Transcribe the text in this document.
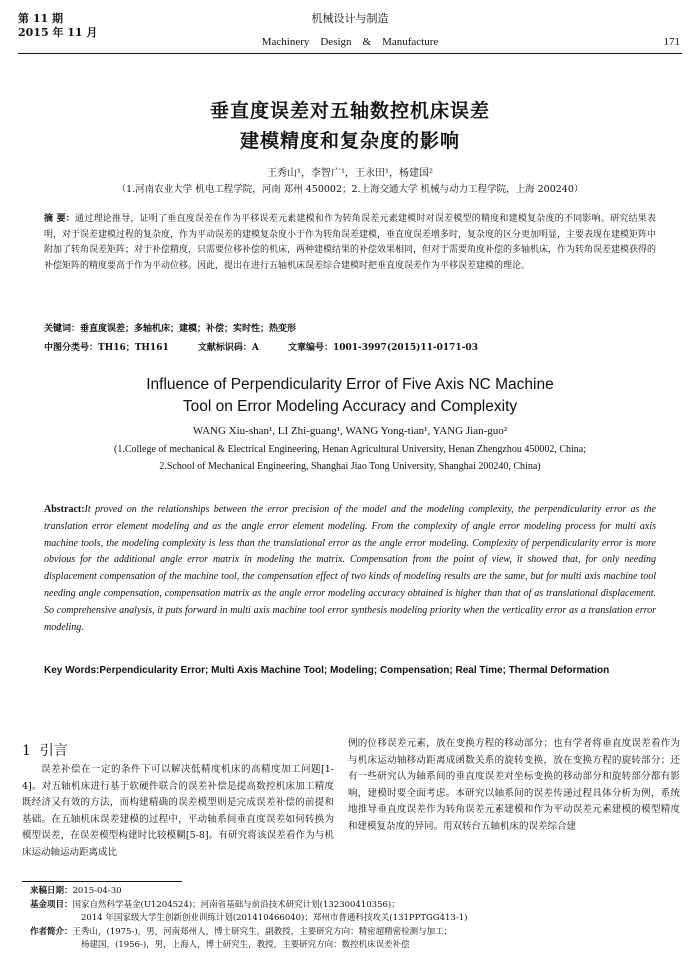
第 11 期
2015 年 11 月
机械设计与制造
Machinery    Design    &    Manufacture	171
垂直度误差对五轴数控机床误差
建模精度和复杂度的影响
王秀山¹，李智广¹，王永田¹，杨建国²
（1.河南农业大学 机电工程学院，河南 郑州 450002；2.上海交通大学 机械与动力工程学院，上海 200240）
摘 要：通过理论推导，证明了垂直度误差在作为平移误差元素建模和作为转角误差元素建模时对误差模型的精度和建模复杂度的不同影响。研究结果表明，对于误差建模过程的复杂度，作为平动误差的建模复杂度小于作为转角误差建模，垂直度误差增多时，复杂度的区分更加明显，主要表现在建模矩阵中附加了转角误差矩阵；对于补偿精度，只需要位移补偿的机床，两种建模结果的补偿效果相同，但对于需要角度补偿的多轴机床，作为转角误差建模获得的补偿矩阵的精度要高于作为平动位移。因此，提出在进行五轴机床误差综合建模时把垂直度误差作为平移误差建模的理论。
关键词：垂直度误差；多轴机床；建模；补偿；实时性；热变形
中图分类号：TH16；TH161	文献标识码：A	文章编号：1001-3997(2015)11-0171-03
Influence of Perpendicularity Error of Five Axis NC Machine
Tool on Error Modeling Accuracy and Complexity
WANG Xiu-shan¹, LI Zhi-guang¹, WANG Yong-tian¹, YANG Jian-guo²
(1.College of mechanical & Electrical Engineering, Henan Agricultural University, Henan Zhengzhou 450002, China;
2.School of Mechanical Engineering, Shanghai Jiao Tong University, Shanghai 200240, China)
Abstract:It proved on the relationships between the error precision of the model and the modeling complexity, the perpendicularity error as the translation error element modeling and as the angle error element modeling. From the complexity of angle error modeling process for multi axis machine tools, the modeling complexity is less than the translational error as the angle error modeling. Complexity of perpendicularity error is more obvious for the additional angle error matrix in modeling the matrix. Compensation from the point of view, it showed that, for only needing displacement compensation of the machine tool, the compensation effect of two kinds of modeling results are the same, but for multi axis machine tool needing angle compensation, compensation matrix as the angle error modeling accuracy obtained is higher than that of as translational displacement. So comprehensive analysis, it puts forward in multi axis machine tool error synthesis modeling priority when the verticality error as a translation error modeling.
Key Words:Perpendicularity Error; Multi Axis Machine Tool; Modeling; Compensation; Real Time; Thermal Deformation
1  引言
误差补偿在一定的条件下可以解决低精度机床的高精度加工问题[1-4]。对五轴机床进行基于软硬件联合的误差补偿是提高数控机床加工精度既经济又有效的方法，而构建精确的误差模型则是完成误差补偿的前提和基础。在五轴机床误差建模的过程中，平动轴系间垂直度误差如何转换为模型误差，在误差模型构建时比较模糊[5-8]。有研究将该误差看作为与机床运动轴运动距离成比
例的位移误差元素，放在变换方程的移动部分；也有学者将垂直度误差看作为与机床运动轴移动距离成函数关系的旋转变换，放在变换方程的旋转部分；还有一些研究认为轴系间的垂直度误差对坐标变换的移动部分和旋转部分都有影响，建模时要全面考虑。本研究以轴系间的误差传递过程具体分析为例，系统地推导垂直度误差作为转角误差元素建模和作为平动误差元素建模的模型精度和建模复杂度的异同。用双转台五轴机床的误差综合建
来稿日期：2015-04-30
基金项目：国家自然科学基金(U1204524)；河南省基础与前沿技术研究计划(132300410356)；
2014 年国家级大学生创新创业训练计划(201410466040)；郑州市普通科技攻关(131PPTGG413-1)
作者简介：王秀山，(1975-)，男，河南郑州人，博士研究生，副教授，主要研究方向：精密超精密检测与加工；
杨建国，(1956-)，男，上海人，博士研究生，教授，主要研究方向：数控机床误差补偿
